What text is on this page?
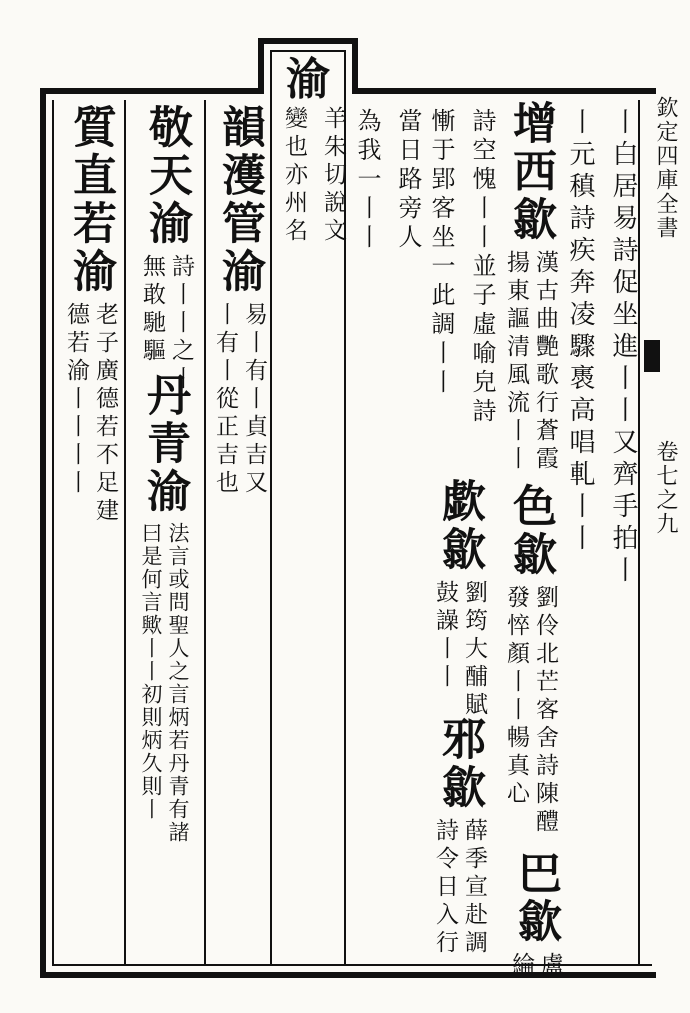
欽定四庫全書
卷七之九
渝
羊朱切說文
變也亦州名	丨白居易詩促坐進丨丨又齊手拍丨
丨元稹詩疾奔凌驟褭高唱軋丨丨
增西歙
漢古曲艷歌行蒼霞
揚東謳清風流丨丨
色歙
劉伶北芒客舍詩陳醴
發悴顏丨丨暢真心
巴歙
盧
綸
詩空愧丨丨並子虛喻皃詩
慚于郢客坐一此調丨丨
歔歙
劉筠大酺賦
鼓譟丨丨
邪歙
薛季宣赴調
詩令日入行
當日路旁人
為我一丨丨
韻濩管渝
易丨有丨貞吉又
丨有丨從正吉也
敬天渝
詩丨丨之丨
無敢馳驅
丹青渝
法言或問聖人之言炳若丹青有諸
曰是何言歟丨丨初則炳久則丨
質直若渝
老子廣德若不足建
德若渝丨丨丨丨
